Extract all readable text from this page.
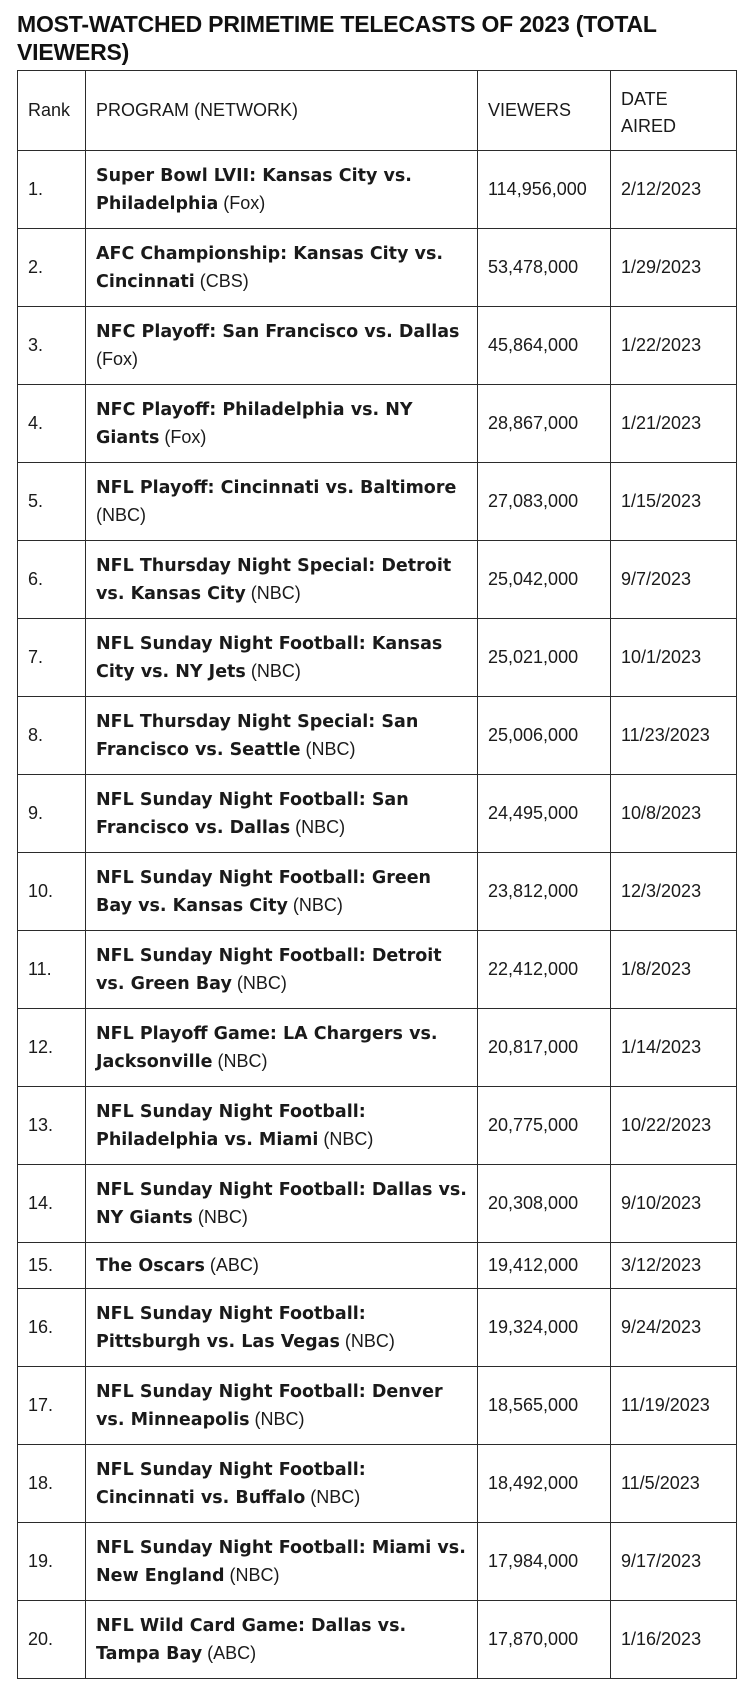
MOST-WATCHED PRIMETIME TELECASTS OF 2023 (TOTAL VIEWERS)
Rank	PROGRAM (NETWORK)	VIEWERS	DATE AIRED
1.	Super Bowl LVII: Kansas City vs. Philadelphia (Fox)	114,956,000	2/12/2023
2.	AFC Championship: Kansas City vs. Cincinnati (CBS)	53,478,000	1/29/2023
3.	NFC Playoff: San Francisco vs. Dallas (Fox)	45,864,000	1/22/2023
4.	NFC Playoff: Philadelphia vs. NY Giants (Fox)	28,867,000	1/21/2023
5.	NFL Playoff: Cincinnati vs. Baltimore (NBC)	27,083,000	1/15/2023
6.	NFL Thursday Night Special: Detroit vs. Kansas City (NBC)	25,042,000	9/7/2023
7.	NFL Sunday Night Football: Kansas City vs. NY Jets (NBC)	25,021,000	10/1/2023
8.	NFL Thursday Night Special: San Francisco vs. Seattle (NBC)	25,006,000	11/23/2023
9.	NFL Sunday Night Football: San Francisco vs. Dallas (NBC)	24,495,000	10/8/2023
10.	NFL Sunday Night Football: Green Bay vs. Kansas City (NBC)	23,812,000	12/3/2023
11.	NFL Sunday Night Football: Detroit vs. Green Bay (NBC)	22,412,000	1/8/2023
12.	NFL Playoff Game: LA Chargers vs. Jacksonville (NBC)	20,817,000	1/14/2023
13.	NFL Sunday Night Football: Philadelphia vs. Miami (NBC)	20,775,000	10/22/2023
14.	NFL Sunday Night Football: Dallas vs. NY Giants (NBC)	20,308,000	9/10/2023
15.	The Oscars (ABC)	19,412,000	3/12/2023
16.	NFL Sunday Night Football: Pittsburgh vs. Las Vegas (NBC)	19,324,000	9/24/2023
17.	NFL Sunday Night Football: Denver vs. Minneapolis (NBC)	18,565,000	11/19/2023
18.	NFL Sunday Night Football: Cincinnati vs. Buffalo (NBC)	18,492,000	11/5/2023
19.	NFL Sunday Night Football: Miami vs. New England (NBC)	17,984,000	9/17/2023
20.	NFL Wild Card Game: Dallas vs. Tampa Bay (ABC)	17,870,000	1/16/2023
